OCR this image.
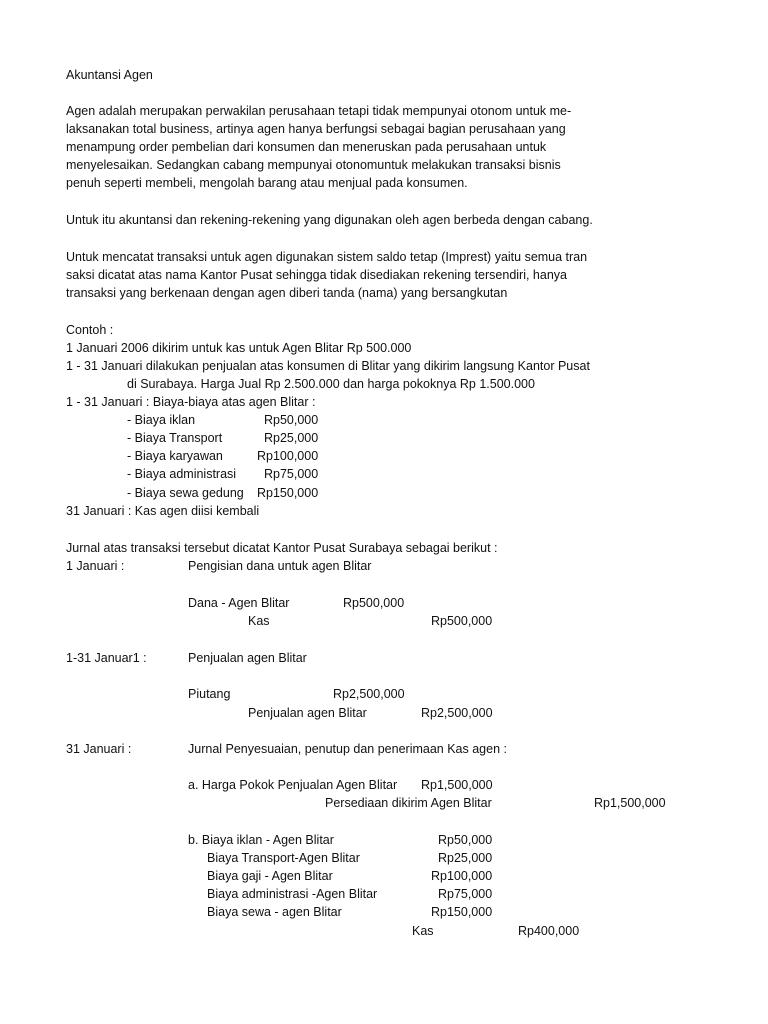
Akuntansi Agen
Agen adalah merupakan perwakilan perusahaan tetapi tidak mempunyai otonom untuk me-
laksanakan total business, artinya agen hanya berfungsi sebagai bagian perusahaan yang
menampung order pembelian dari konsumen dan meneruskan pada perusahaan untuk
menyelesaikan. Sedangkan cabang mempunyai otonomuntuk melakukan transaksi bisnis
penuh seperti membeli, mengolah barang atau menjual pada konsumen.
Untuk itu akuntansi dan rekening-rekening yang digunakan oleh agen berbeda dengan cabang.
Untuk mencatat transaksi untuk agen digunakan sistem saldo tetap (Imprest) yaitu semua tran
saksi dicatat atas nama Kantor Pusat sehingga tidak disediakan rekening tersendiri, hanya
transaksi yang berkenaan dengan agen diberi tanda (nama) yang bersangkutan
Contoh :
1 Januari 2006 dikirim untuk kas untuk Agen Blitar Rp 500.000
1 - 31 Januari dilakukan penjualan atas konsumen di Blitar yang dikirim langsung Kantor Pusat
di Surabaya. Harga Jual Rp 2.500.000 dan harga pokoknya Rp 1.500.000
1 - 31 Januari : Biaya-biaya atas agen Blitar :
- Biaya iklan	Rp50,000
- Biaya Transport	Rp25,000
- Biaya karyawan	Rp100,000
- Biaya administrasi Rp75,000
- Biaya sewa gedung Rp150,000
31 Januari : Kas agen diisi kembali
Jurnal atas transaksi tersebut dicatat Kantor Pusat Surabaya sebagai berikut :
1 Januari :	Pengisian dana untuk agen Blitar
Dana - Agen Blitar	Rp500,000
Kas	Rp500,000
1-31 Januar1 :	Penjualan agen Blitar
Piutang	Rp2,500,000
Penjualan agen Blitar	Rp2,500,000
31 Januari :	Jurnal Penyesuaian, penutup dan penerimaan Kas agen :
a. Harga Pokok Penjualan Agen Blitar Rp1,500,000
Persediaan dikirim Agen Blitar	Rp1,500,000
b. Biaya iklan - Agen Blitar	Rp50,000
Biaya Transport-Agen Blitar	Rp25,000
Biaya gaji - Agen Blitar	Rp100,000
Biaya administrasi -Agen Blitar	Rp75,000
Biaya sewa - agen Blitar	Rp150,000
Kas	Rp400,000
